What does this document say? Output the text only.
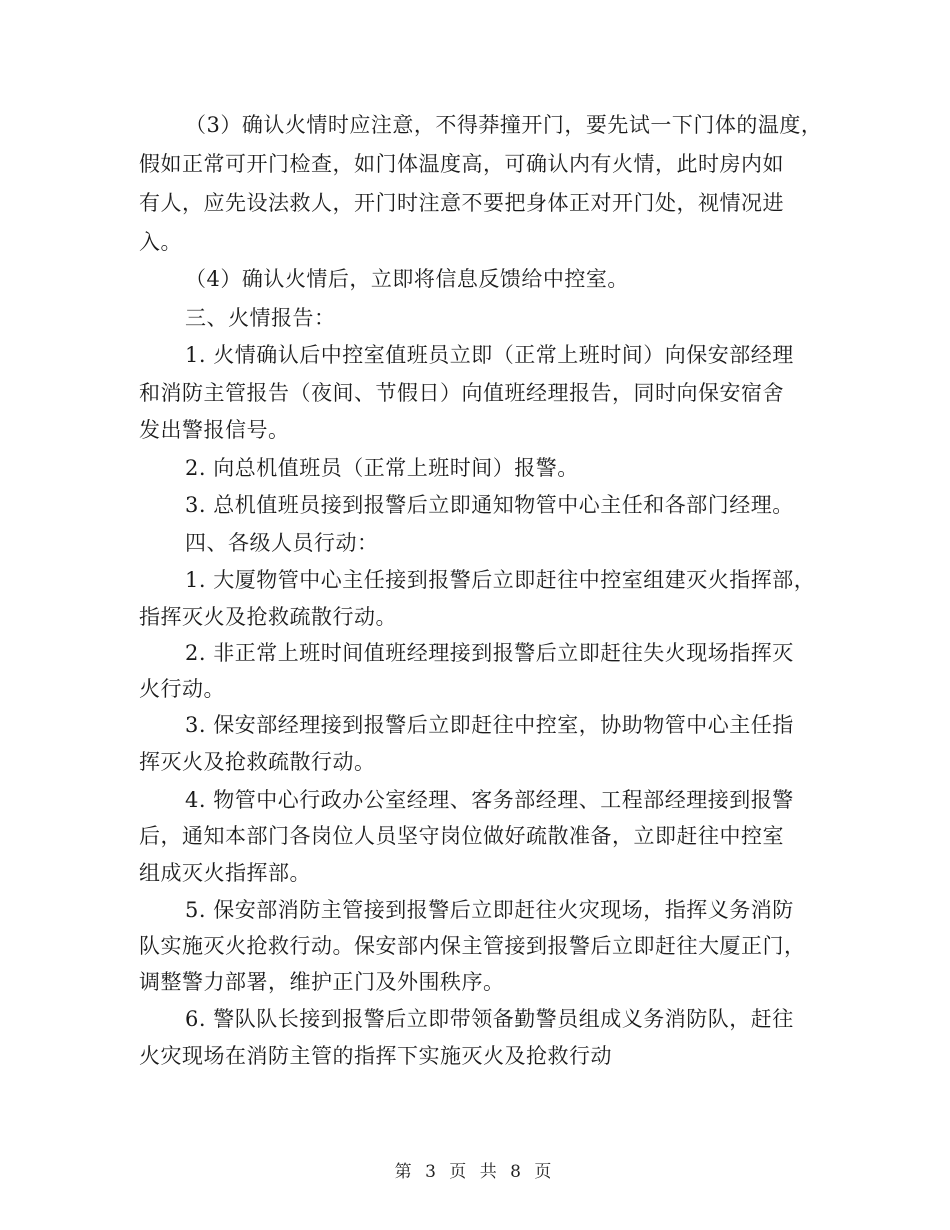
（3）确认火情时应注意，不得莽撞开门，要先试一下门体的温度，
假如正常可开门检查，如门体温度高，可确认内有火情，此时房内如
有人，应先设法救人，开门时注意不要把身体正对开门处，视情况进
入。
（4）确认火情后，立即将信息反馈给中控室。
三、火情报告：
1. 火情确认后中控室值班员立即（正常上班时间）向保安部经理
和消防主管报告（夜间、节假日）向值班经理报告，同时向保安宿舍
发出警报信号。
2. 向总机值班员（正常上班时间）报警。
3. 总机值班员接到报警后立即通知物管中心主任和各部门经理。
四、各级人员行动：
1. 大厦物管中心主任接到报警后立即赶往中控室组建灭火指挥部，
指挥灭火及抢救疏散行动。
2. 非正常上班时间值班经理接到报警后立即赶往失火现场指挥灭
火行动。
3. 保安部经理接到报警后立即赶往中控室，协助物管中心主任指
挥灭火及抢救疏散行动。
4. 物管中心行政办公室经理、客务部经理、工程部经理接到报警
后，通知本部门各岗位人员坚守岗位做好疏散准备，立即赶往中控室
组成灭火指挥部。
5. 保安部消防主管接到报警后立即赶往火灾现场，指挥义务消防
队实施灭火抢救行动。保安部内保主管接到报警后立即赶往大厦正门，
调整警力部署，维护正门及外围秩序。
6. 警队队长接到报警后立即带领备勤警员组成义务消防队，赶往
火灾现场在消防主管的指挥下实施灭火及抢救行动
第 3 页 共 8 页
